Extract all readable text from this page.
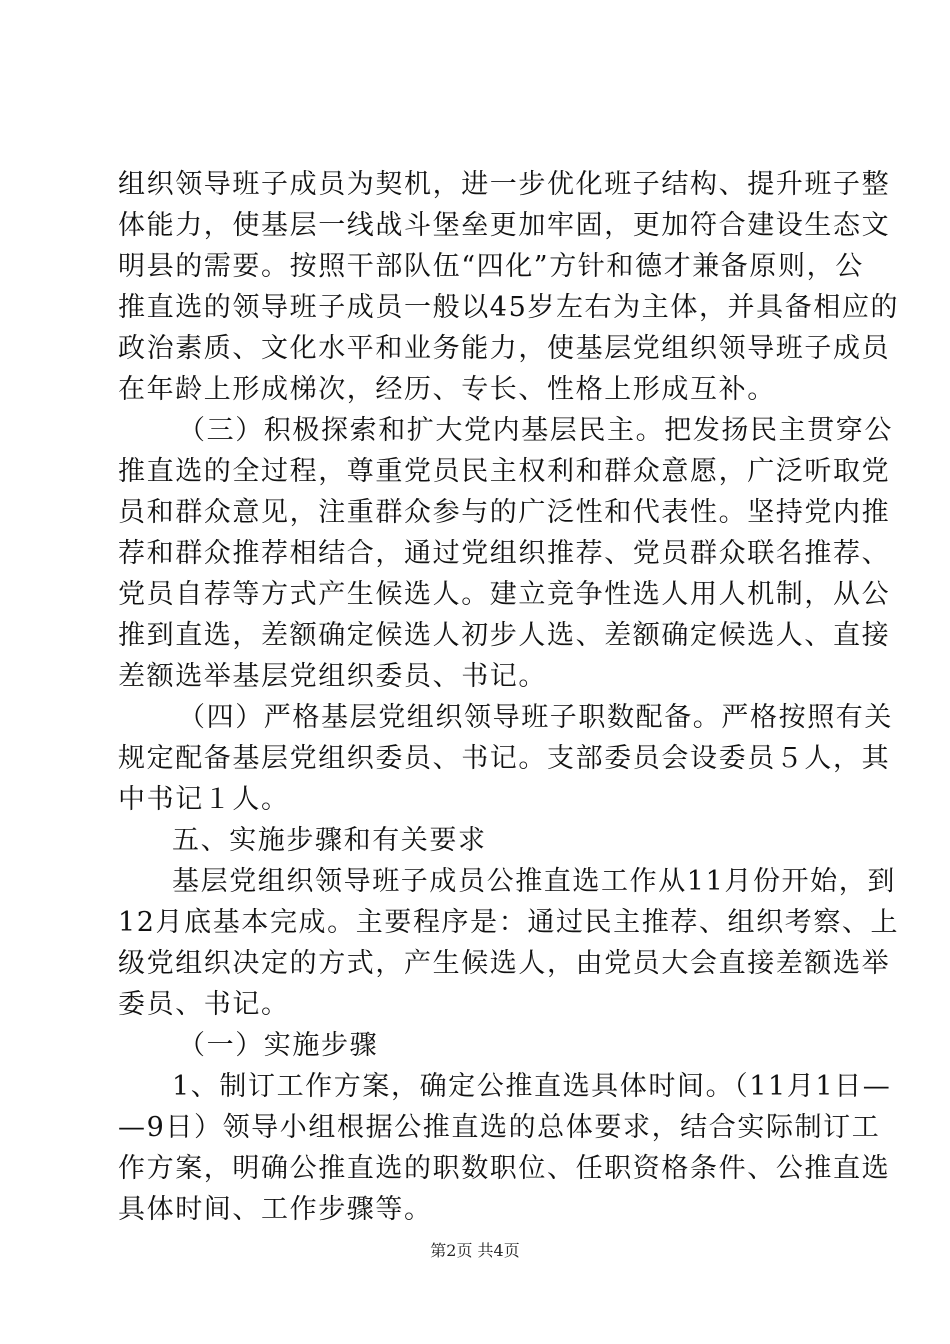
组织领导班子成员为契机，进一步优化班子结构、提升班子整
体能力，使基层一线战斗堡垒更加牢固，更加符合建设生态文
明县的需要。按照干部队伍“四化”方针和德才兼备原则，公
推直选的领导班子成员一般以45岁左右为主体，并具备相应的
政治素质、文化水平和业务能力，使基层党组织领导班子成员
在年龄上形成梯次，经历、专长、性格上形成互补。
（三）积极探索和扩大党内基层民主。把发扬民主贯穿公
推直选的全过程，尊重党员民主权利和群众意愿，广泛听取党
员和群众意见，注重群众参与的广泛性和代表性。坚持党内推
荐和群众推荐相结合，通过党组织推荐、党员群众联名推荐、
党员自荐等方式产生候选人。建立竞争性选人用人机制，从公
推到直选，差额确定候选人初步人选、差额确定候选人、直接
差额选举基层党组织委员、书记。
（四）严格基层党组织领导班子职数配备。严格按照有关
规定配备基层党组织委员、书记。支部委员会设委员５人，其
中书记１人。
五、实施步骤和有关要求
基层党组织领导班子成员公推直选工作从11月份开始，到
12月底基本完成。主要程序是：通过民主推荐、组织考察、上
级党组织决定的方式，产生候选人，由党员大会直接差额选举
委员、书记。
（一）实施步骤
1、制订工作方案，确定公推直选具体时间。（11月1日—
—9日）领导小组根据公推直选的总体要求，结合实际制订工
作方案，明确公推直选的职数职位、任职资格条件、公推直选
具体时间、工作步骤等。
第2页 共4页
